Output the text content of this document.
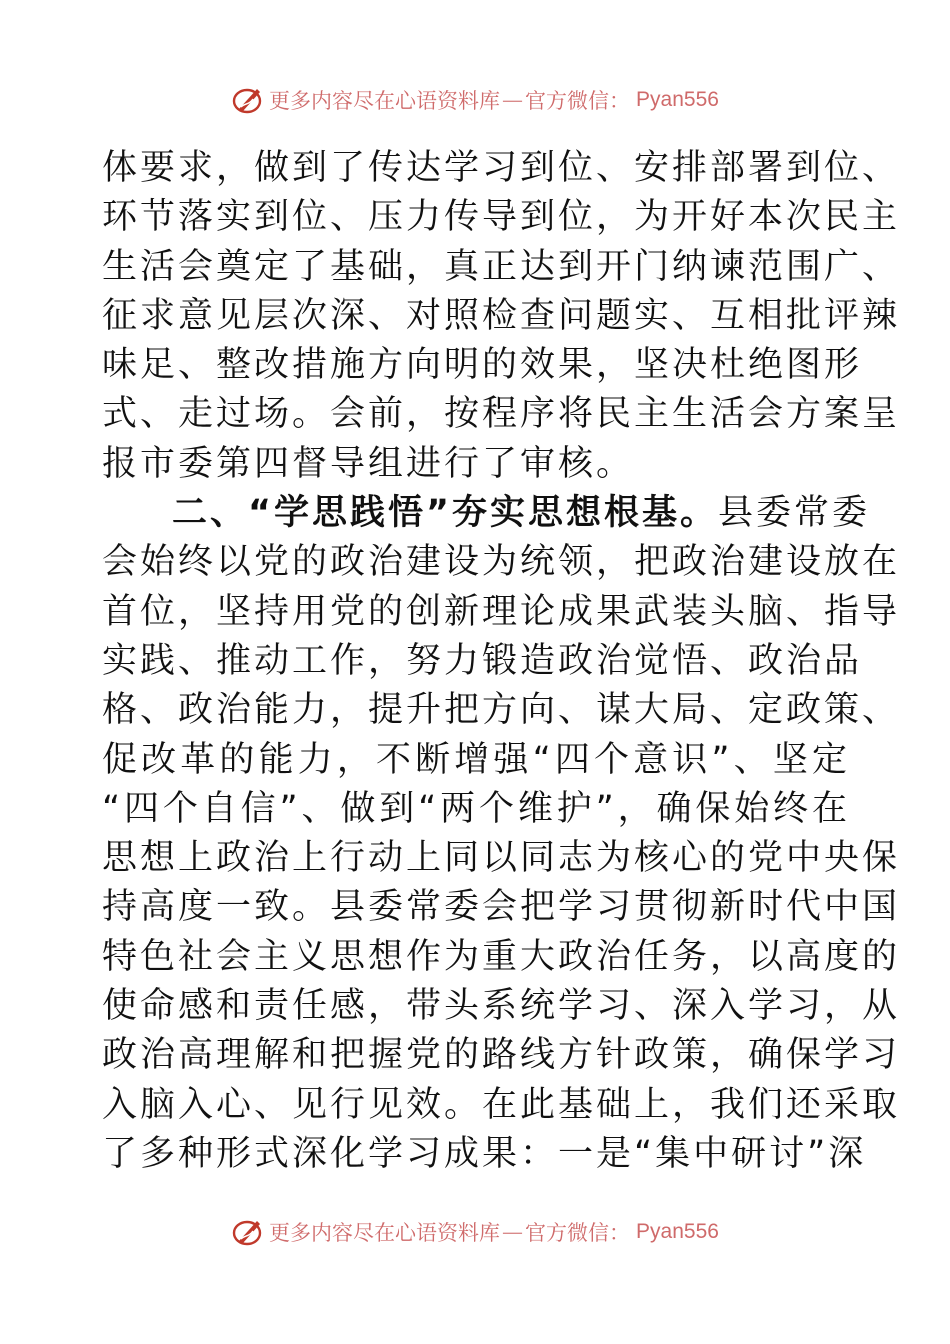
更多内容尽在心语资料库 — 官方微信： Pyan556
体要求，做到了传达学习到位、安排部署到位、
环节落实到位、压力传导到位，为开好本次民主
生活会奠定了基础，真正达到开门纳谏范围广、
征求意见层次深、对照检查问题实、互相批评辣
味足、整改措施方向明的效果，坚决杜绝图形
式、走过场。会前，按程序将民主生活会方案呈
报市委第四督导组进行了审核。
二、“学思践悟”夯实思想根基。县委常委
会始终以党的政治建设为统领，把政治建设放在
首位，坚持用党的创新理论成果武装头脑、指导
实践、推动工作，努力锻造政治觉悟、政治品
格、政治能力，提升把方向、谋大局、定政策、
促改革的能力，不断增强“四个意识”、坚定
“四个自信”、做到“两个维护”，确保始终在
思想上政治上行动上同以同志为核心的党中央保
持高度一致。县委常委会把学习贯彻新时代中国
特色社会主义思想作为重大政治任务，以高度的
使命感和责任感，带头系统学习、深入学习，从
政治高理解和把握党的路线方针政策，确保学习
入脑入心、见行见效。在此基础上，我们还采取
了多种形式深化学习成果：一是“集中研讨”深
更多内容尽在心语资料库 — 官方微信： Pyan556
